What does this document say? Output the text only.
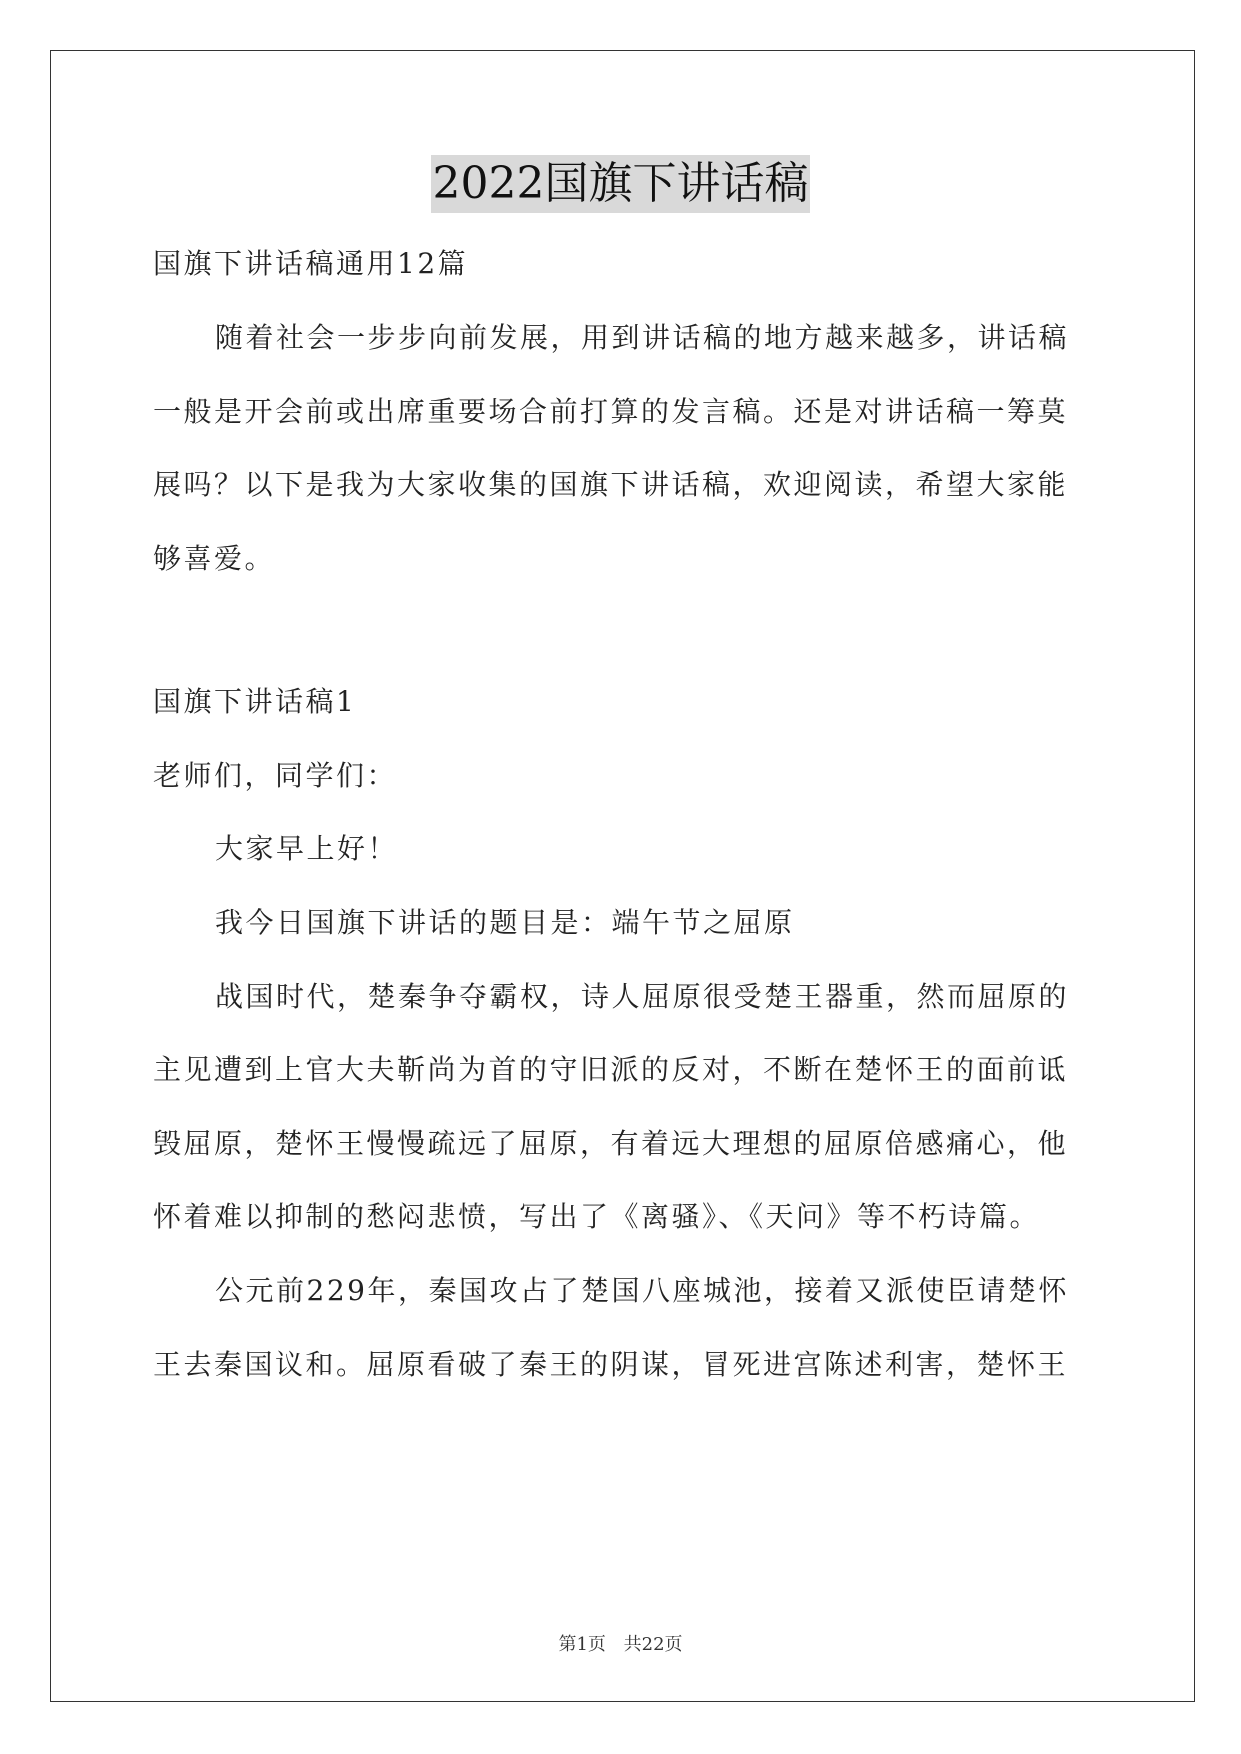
2022国旗下讲话稿
国旗下讲话稿通用12篇
随着社会一步步向前发展，用到讲话稿的地方越来越多，讲话稿
一般是开会前或出席重要场合前打算的发言稿。还是对讲话稿一筹莫
展吗？以下是我为大家收集的国旗下讲话稿，欢迎阅读，希望大家能
够喜爱。
国旗下讲话稿1
老师们，同学们：
大家早上好！
我今日国旗下讲话的题目是：端午节之屈原
战国时代，楚秦争夺霸权，诗人屈原很受楚王器重，然而屈原的
主见遭到上官大夫靳尚为首的守旧派的反对，不断在楚怀王的面前诋
毁屈原，楚怀王慢慢疏远了屈原，有着远大理想的屈原倍感痛心，他
怀着难以抑制的愁闷悲愤，写出了《离骚》、《天问》等不朽诗篇。
公元前229年，秦国攻占了楚国八座城池，接着又派使臣请楚怀
王去秦国议和。屈原看破了秦王的阴谋，冒死进宫陈述利害，楚怀王
第1页 共22页
